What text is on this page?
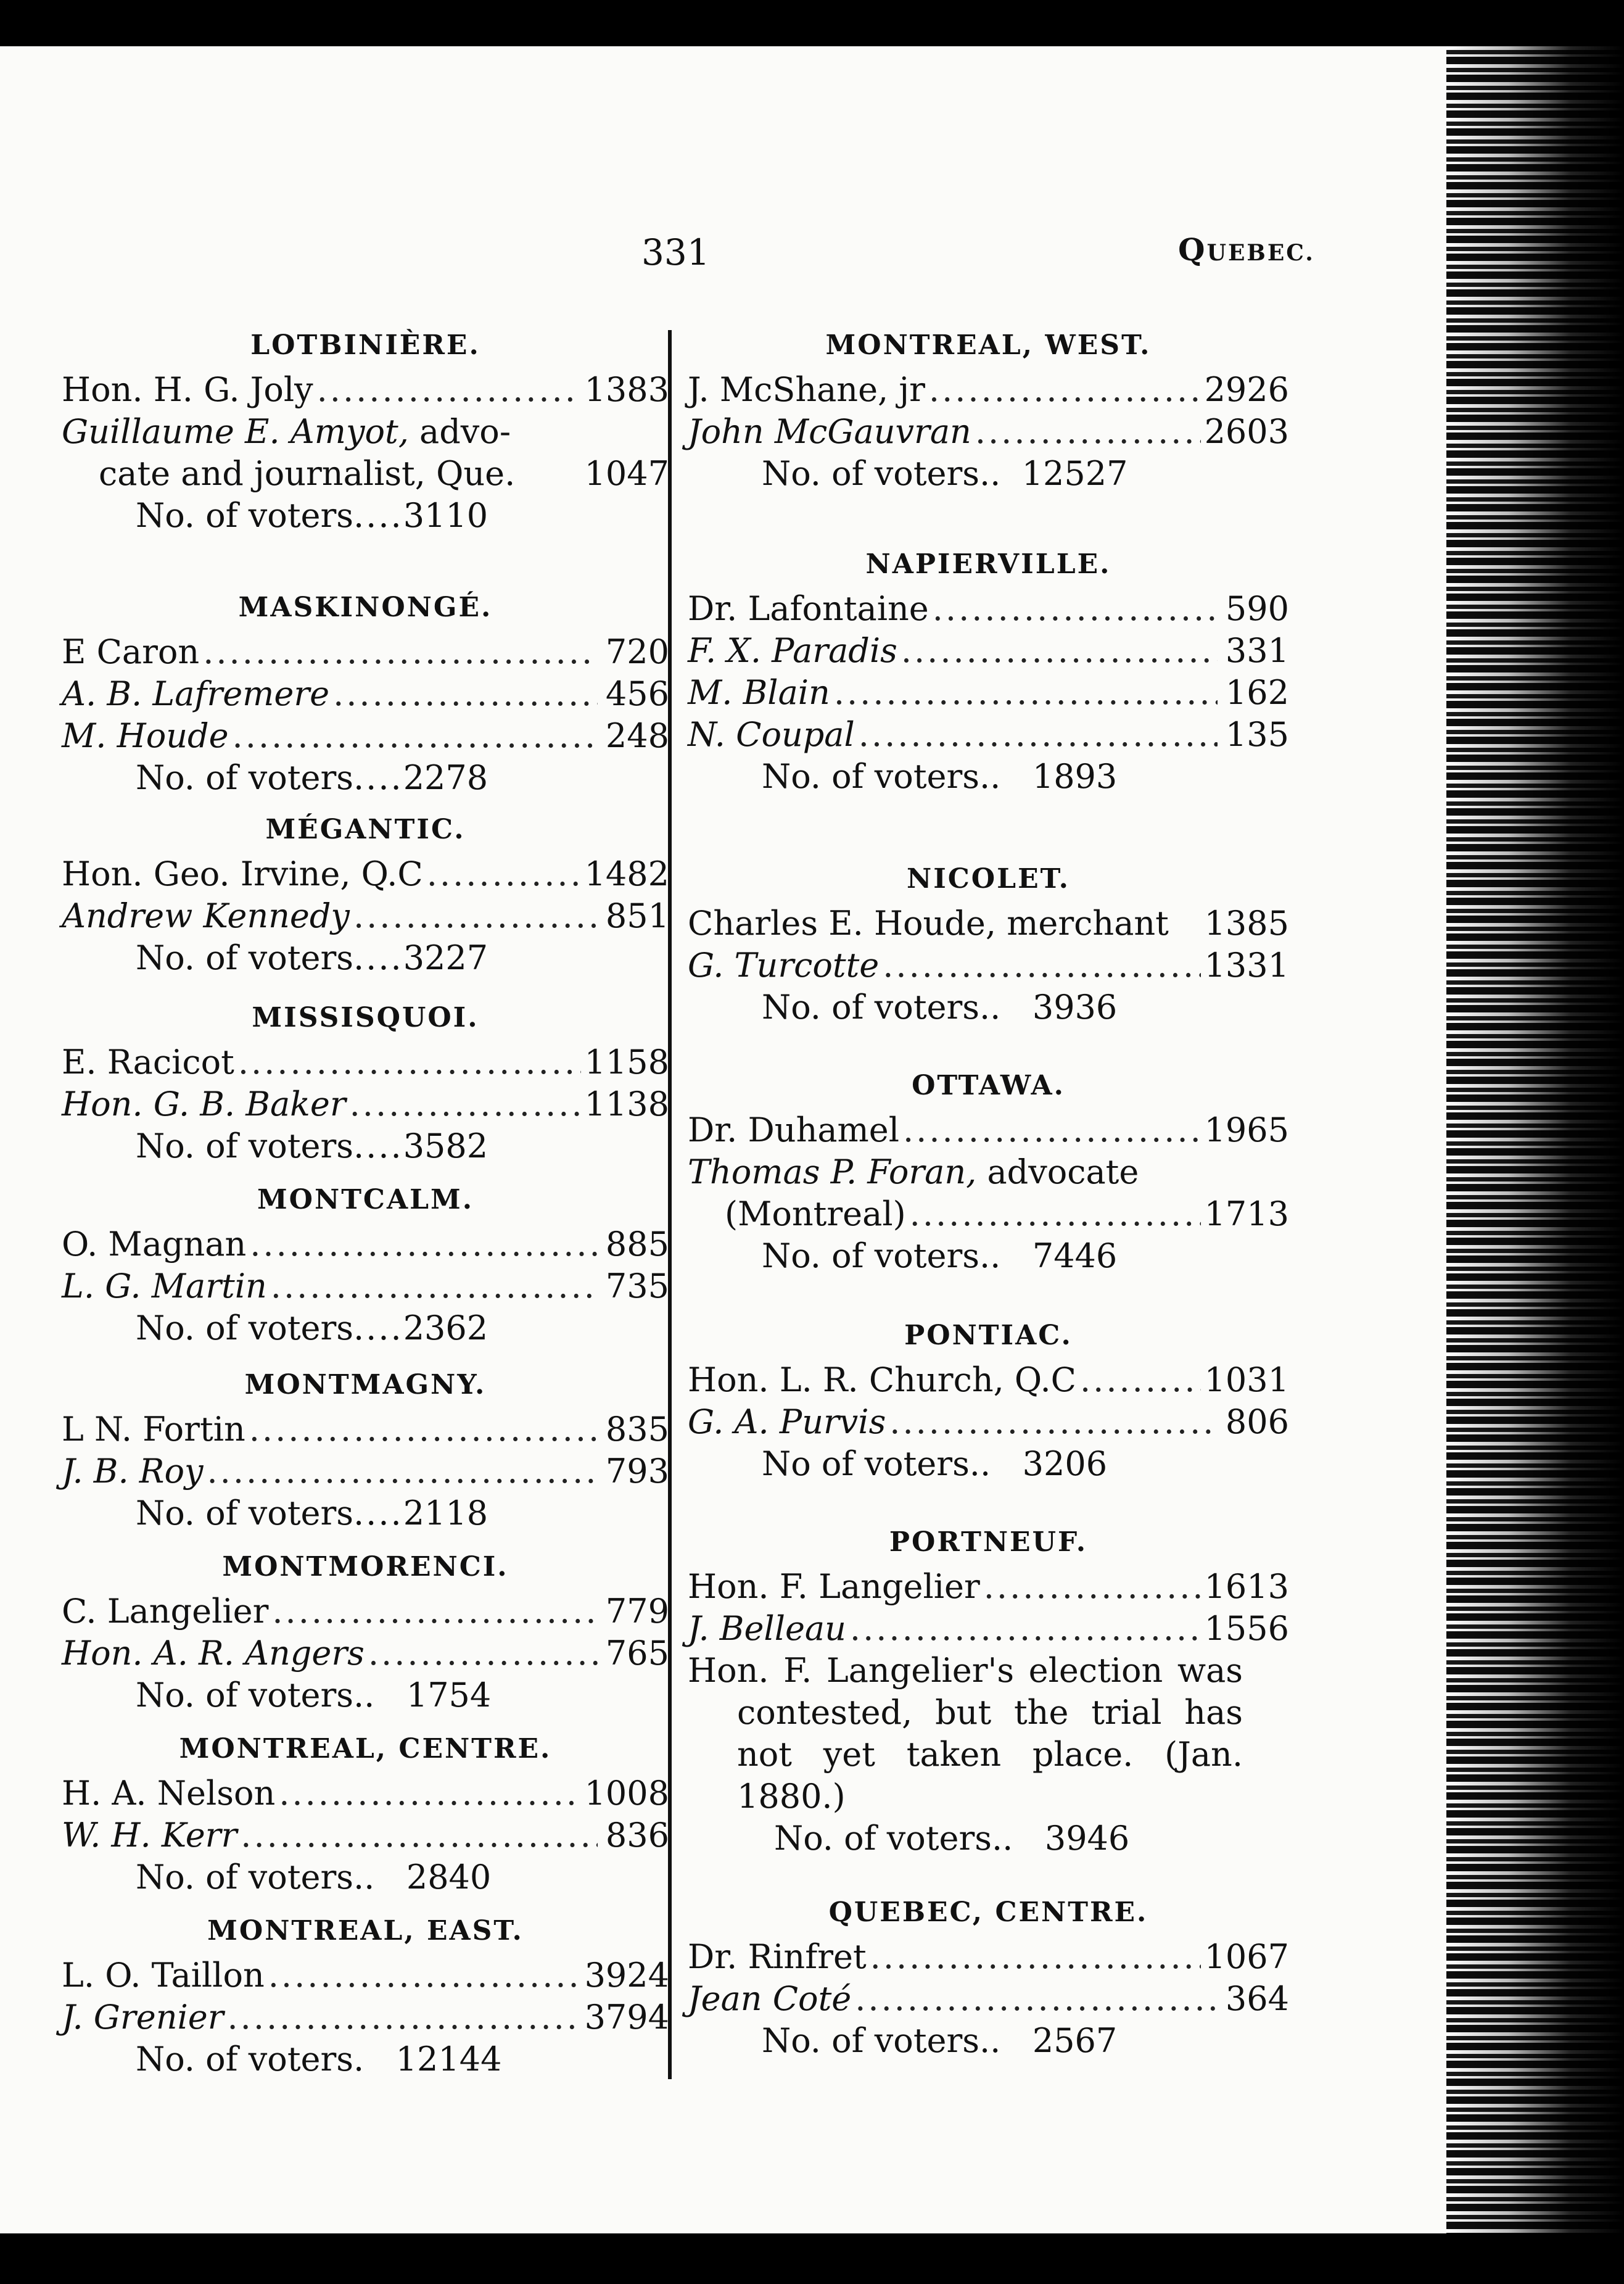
331	QUEBEC.
LOTBINIÈRE.
Hon. H. G. Joly .....	1383
Guillaume E. Amyot, advo-
cate and journalist, Que. 1047
No. of voters .... 3110
MASKINONGÉ.
E Caron .....	720
A. B. Lafremere .....	456
M. Houde .....	248
No. of voters .... 2278
MÉGANTIC.
Hon. Geo. Irvine, Q.C .....	1482
Andrew Kennedy .....	851
No. of voters .... 3227
MISSISQUOI.
E. Racicot .....	1158
Hon. G. B. Baker .....	1138
No. of voters .... 3582
MONTCALM.
O. Magnan .....	885
L. G. Martin .....	735
No. of voters .... 2362
MONTMAGNY.
L N. Fortin .....	835
J. B. Roy .....	793
No. of voters .... 2118
MONTMORENCI.
C. Langelier .....	779
Hon. A. R. Angers .....	765
No. of voters.. 1754
MONTREAL, CENTRE.
H. A. Nelson .....	1008
W. H. Kerr .....	836
No. of voters.. 2840
MONTREAL, EAST.
L. O. Taillon .....	3924
J. Grenier .....	3794
No. of voters. 12144
MONTREAL, WEST.
J. McShane, jr .....	2926
John McGauvran .....	2603
No. of voters.. 12527
NAPIERVILLE.
Dr. Lafontaine .....	590
F. X. Paradis .....	331
M. Blain .....	162
N. Coupal .....	135
No. of voters.. 1893
NICOLET.
Charles E. Houde, merchant 1385
G. Turcotte .....	1331
No. of voters.. 3936
OTTAWA.
Dr. Duhamel .....	1965
Thomas P. Foran, advocate
(Montreal) .....	1713
No. of voters.. 7446
PONTIAC.
Hon. L. R. Church, Q.C .....	1031
G. A. Purvis .....	806
No of voters.. 3206
PORTNEUF.
Hon. F. Langelier .....	1613
J. Belleau .....	1556
Hon. F. Langelier's election was contested, but the trial has not yet taken place. (Jan. 1880.)
No. of voters.. 3946
QUEBEC, CENTRE.
Dr. Rinfret .....	1067
Jean Coté .....	364
No. of voters.. 2567
